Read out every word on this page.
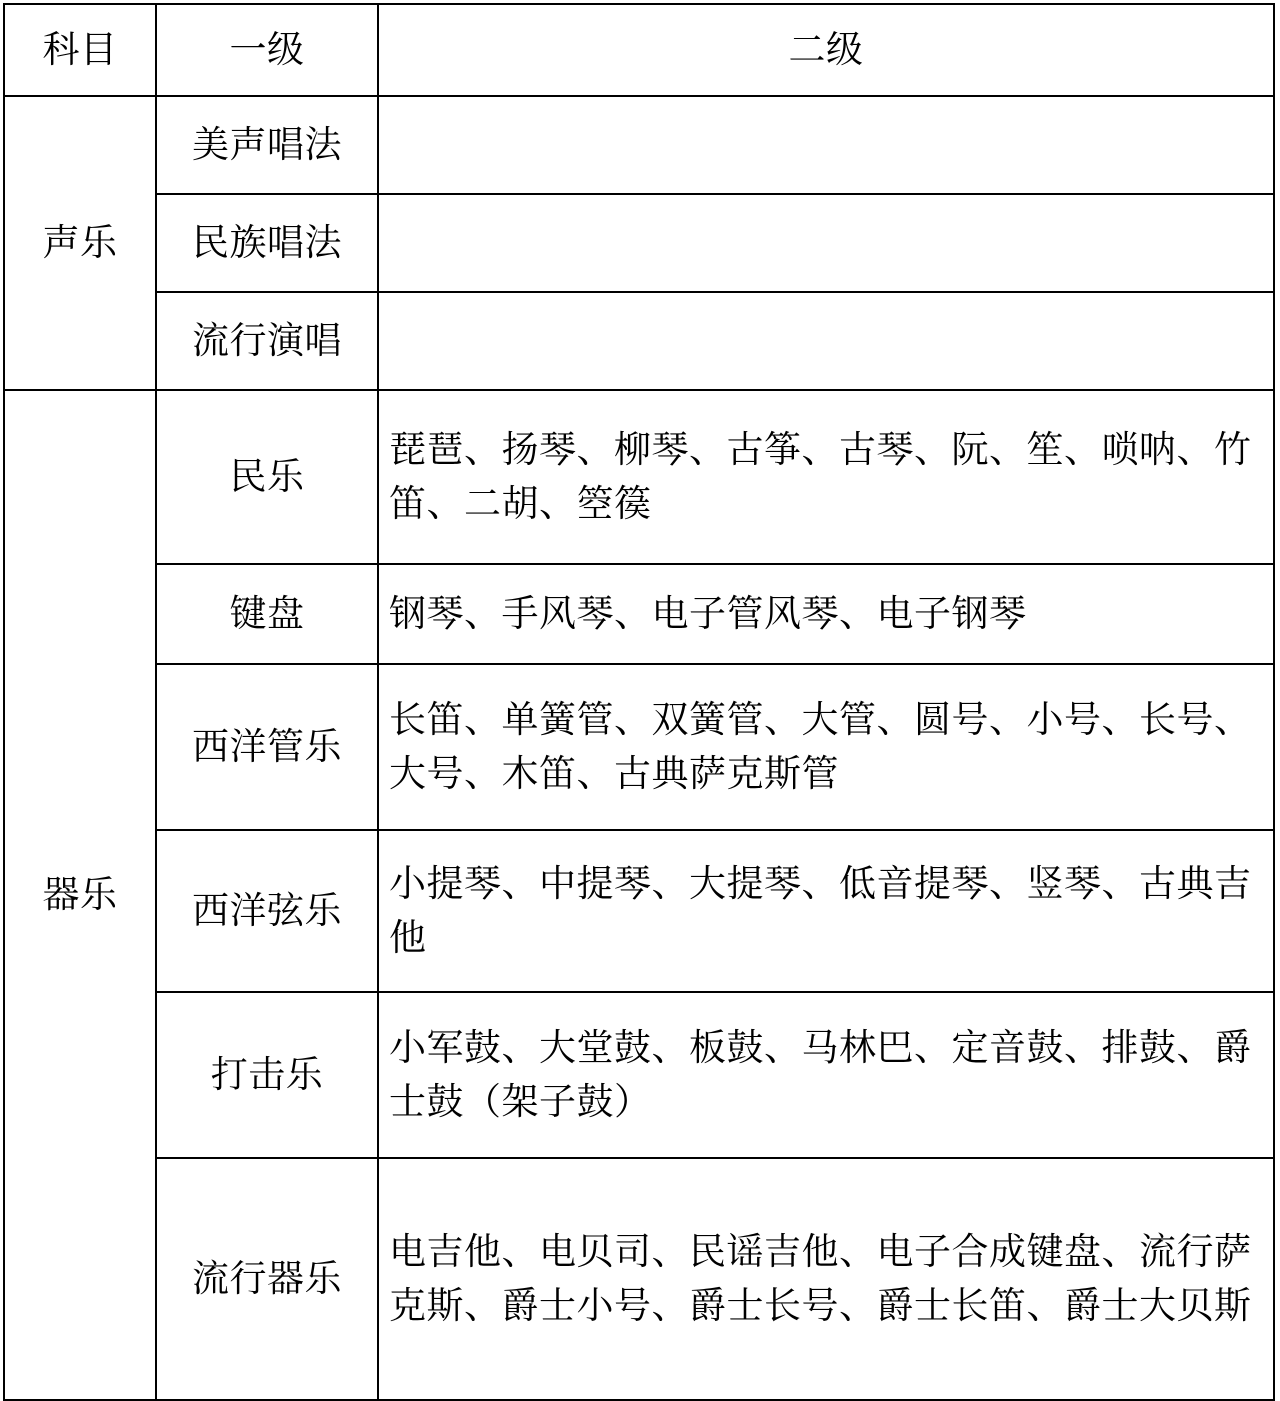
科目	一级	二级
声乐	美声唱法	
	民族唱法	
	流行演唱	
器乐	民乐	琵琶、扬琴、柳琴、古筝、古琴、阮、笙、唢呐、竹笛、二胡、箜篌
	键盘	钢琴、手风琴、电子管风琴、电子钢琴
	西洋管乐	长笛、单簧管、双簧管、大管、圆号、小号、长号、大号、木笛、古典萨克斯管
	西洋弦乐	小提琴、中提琴、大提琴、低音提琴、竖琴、古典吉他
	打击乐	小军鼓、大堂鼓、板鼓、马林巴、定音鼓、排鼓、爵士鼓（架子鼓）
	流行器乐	电吉他、电贝司、民谣吉他、电子合成键盘、流行萨克斯、爵士小号、爵士长号、爵士长笛、爵士大贝斯
